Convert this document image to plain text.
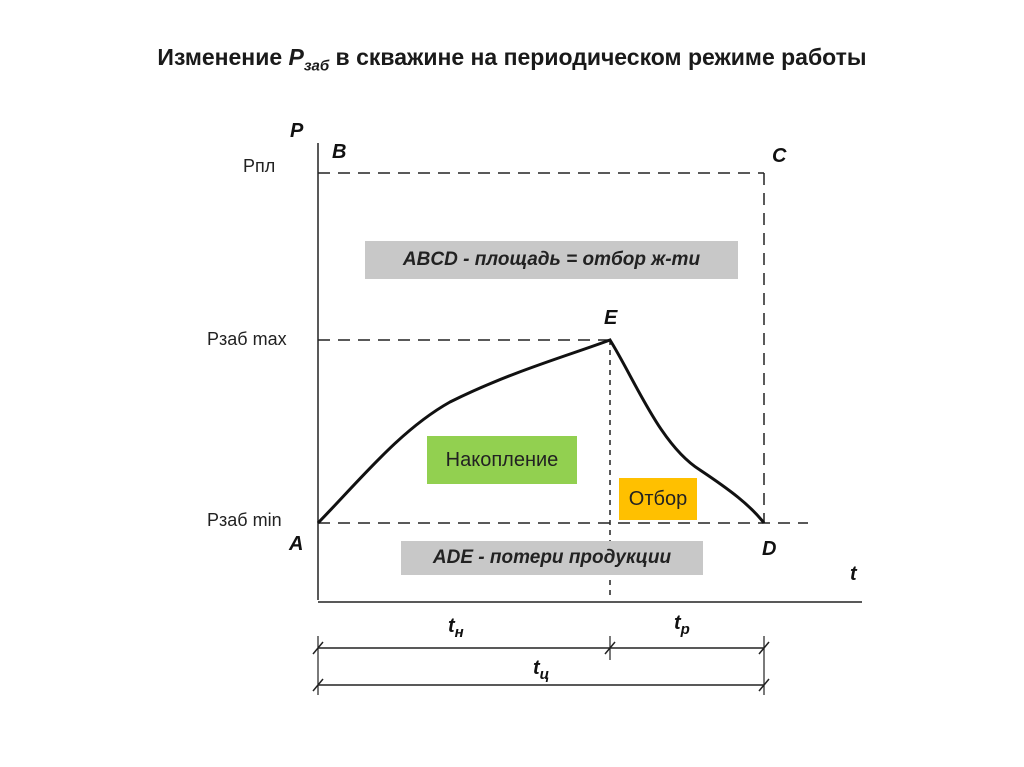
Изменение $P_{заб}$ в скважине на периодическом режиме работы
P
t
Рпл
Рзаб max
Рзаб min
A
B	C
D
E
ABCD - площадь = отбор ж-ти
Накопление
Отбор
ADE - потери продукции
$t_н$	$t_р$
$t_ц$
